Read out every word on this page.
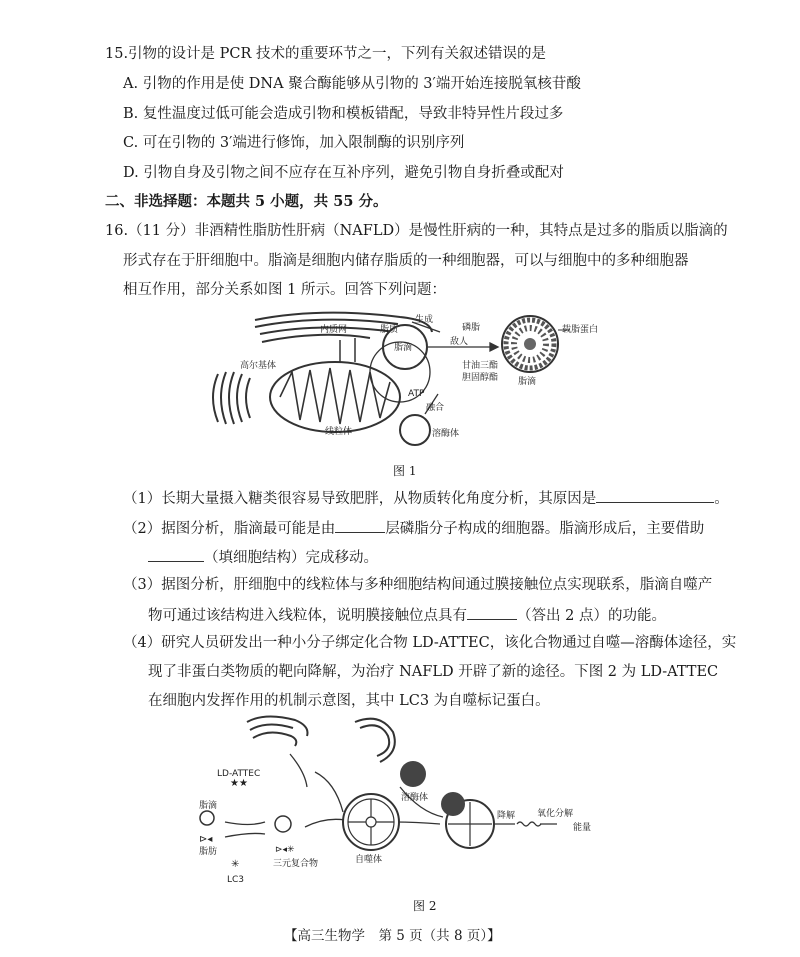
15.引物的设计是 PCR 技术的重要环节之一，下列有关叙述错误的是
A. 引物的作用是使 DNA 聚合酶能够从引物的 3′端开始连接脱氧核苷酸
B. 复性温度过低可能会造成引物和模板错配，导致非特异性片段过多
C. 可在引物的 3′端进行修饰，加入限制酶的识别序列
D. 引物自身及引物之间不应存在互补序列，避免引物自身折叠或配对
二、非选择题：本题共 5 小题，共 55 分。
16.（11 分）非酒精性脂肪性肝病（NAFLD）是慢性肝病的一种，其特点是过多的脂质以脂滴的
形式存在于肝细胞中。脂滴是细胞内储存脂质的一种细胞器，可以与细胞中的多种细胞器
相互作用，部分关系如图 1 所示。回答下列问题：
内质网	脂质
生成
磷脂	载脂蛋白
高尔基体
脂滴
敌人
甘油三酯
胆固醇酯 脂滴
ATP
线粒体
融合
溶酶体
图 1
（1）长期大量摄入糖类很容易导致肥胖，从物质转化角度分析，其原因是	。
（2）据图分析，脂滴最可能是由	层磷脂分子构成的细胞器。脂滴形成后，主要借助
（填细胞结构）完成移动。
（3）据图分析，肝细胞中的线粒体与多种细胞结构间通过膜接触位点实现联系，脂滴自噬产
物可通过该结构进入线粒体，说明膜接触位点具有	（答出 2 点）的功能。
（4）研究人员研发出一种小分子绑定化合物 LD-ATTEC，该化合物通过自噬—溶酶体途径，实
现了非蛋白类物质的靶向降解，为治疗 NAFLD 开辟了新的途径。下图 2 为 LD-ATTEC
在细胞内发挥作用的机制示意图，其中 LC3 为自噬标记蛋白。
★★
⊳◂
✳
⊳◂✳
LD-ATTEC
脂滴
脂肪
LC3
三元复合物	自噬体
溶酶体
降解 氧化分解
能量
图 2
【高三生物学　第 5 页（共 8 页）】
